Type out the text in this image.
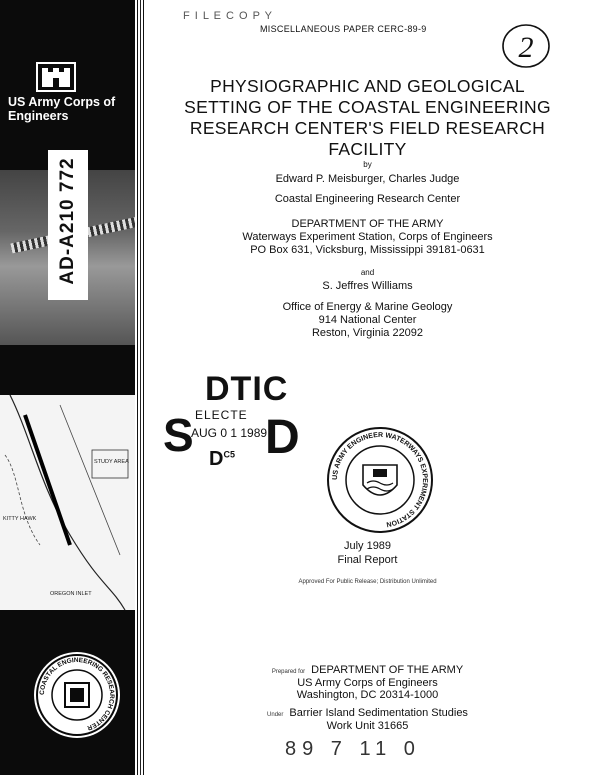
US Army Corps of Engineers
AD-A210 772
STUDY AREA
KITTY HAWK
OREGON INLET
COASTAL ENGINEERING RESEARCH CENTER
F I L E C O P Y
MISCELLANEOUS PAPER CERC-89-9
2
PHYSIOGRAPHIC AND GEOLOGICAL SETTING OF THE COASTAL ENGINEERING RESEARCH CENTER'S FIELD RESEARCH FACILITY
by
Edward P. Meisburger, Charles Judge
Coastal Engineering Research Center
DEPARTMENT OF THE ARMY
Waterways Experiment Station, Corps of Engineers
PO Box 631, Vicksburg, Mississippi 39181-0631
and
S. Jeffres Williams
Office of Energy & Marine Geology
914 National Center
Reston, Virginia 22092
DTIC
S ELECTE
AUG 0 1 1989
D
$D^{C5}$
US ARMY ENGINEER WATERWAYS EXPERIMENT STATION
July 1989
Final Report
Approved For Public Release; Distribution Unlimited
Prepared for DEPARTMENT OF THE ARMY
US Army Corps of Engineers
Washington, DC 20314-1000
Under Barrier Island Sedimentation Studies
Work Unit 31665
89 7 11 0
